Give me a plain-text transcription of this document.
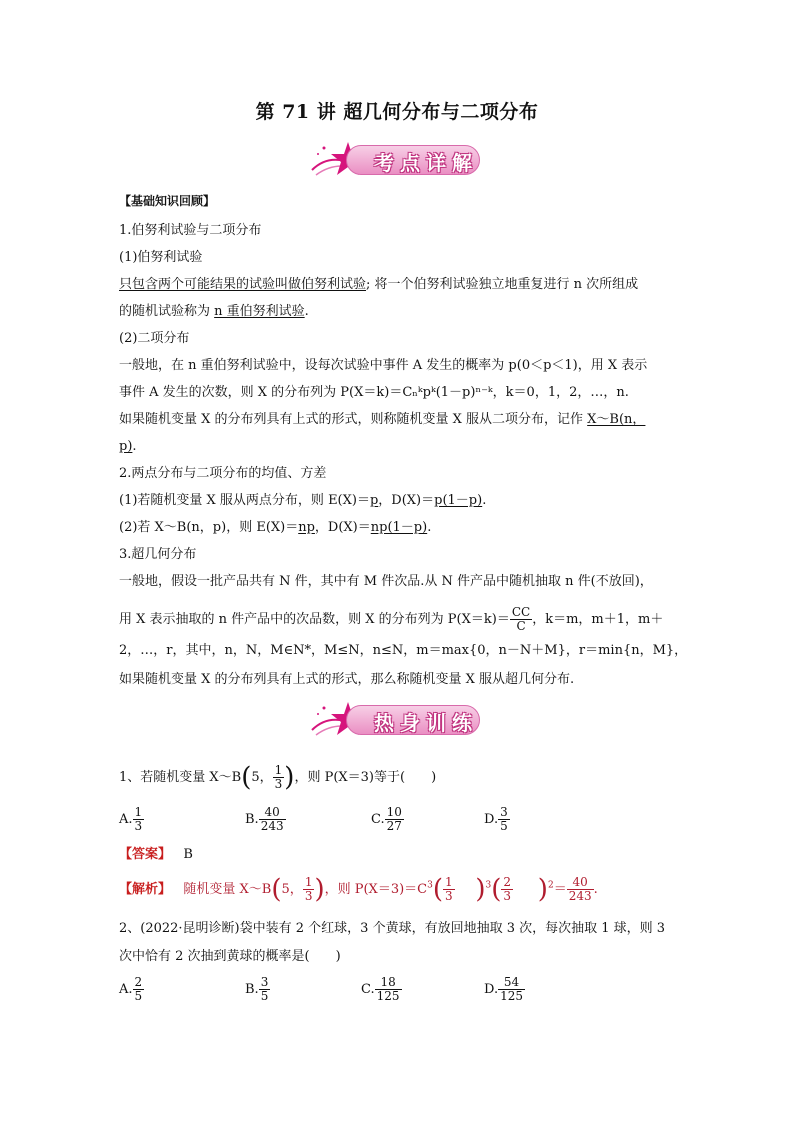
第 71 讲 超几何分布与二项分布
考点详解
【基础知识回顾】
1.伯努利试验与二项分布
(1)伯努利试验
只包含两个可能结果的试验叫做伯努利试验; 将一个伯努利试验独立地重复进行 n 次所组成
的随机试验称为 n 重伯努利试验.
(2)二项分布
一般地，在 n 重伯努利试验中，设每次试验中事件 A 发生的概率为 p(0＜p＜1)，用 X 表示
事件 A 发生的次数，则 X 的分布列为 P(X＝k)＝Cₙᵏpᵏ(1－p)ⁿ⁻ᵏ，k＝0，1，2，…，n.
如果随机变量 X 的分布列具有上式的形式，则称随机变量 X 服从二项分布，记作 X～B(n，
p).
2.两点分布与二项分布的均值、方差
(1)若随机变量 X 服从两点分布，则 E(X)＝p，D(X)＝p(1－p).
(2)若 X～B(n，p)，则 E(X)＝np，D(X)＝np(1－p).
3.超几何分布
一般地，假设一批产品共有 N 件，其中有 M 件次品.从 N 件产品中随机抽取 n 件(不放回)，
用 X 表示抽取的 n 件产品中的次品数，则 X 的分布列为 $P(X=k)= \frac{CC}{C}$ ，k＝m，m＋1，m＋
2，…，r，其中，n，N，M∈N*，M≤N，n≤N，m＝max{0，n－N＋M}，r＝min{n，M}，
如果随机变量 X 的分布列具有上式的形式，那么称随机变量 X 服从超几何分布.
热身训练
1、若随机变量 X～B(5， $\frac{1}{3}$ )，则 P(X＝3)等于(　　)
A. $\frac{1}{3}$	B. $\frac{40}{243}$	C. $\frac{10}{27}$	D. $\frac{3}{5}$
【答案】 B
【解析】 随机变量 X～B(5， $\frac{1}{3}$ )，则 $P(X=3)=C^3( \frac{1}{3} )^3( \frac{2}{3} )^2= \frac{40}{243}$ .
2、(2022·昆明诊断)袋中装有 2 个红球，3 个黄球，有放回地抽取 3 次，每次抽取 1 球，则 3
次中恰有 2 次抽到黄球的概率是(　　)
A. $\frac{2}{5}$	B. $\frac{3}{5}$	C. $\frac{18}{125}$	D. $\frac{54}{125}$
